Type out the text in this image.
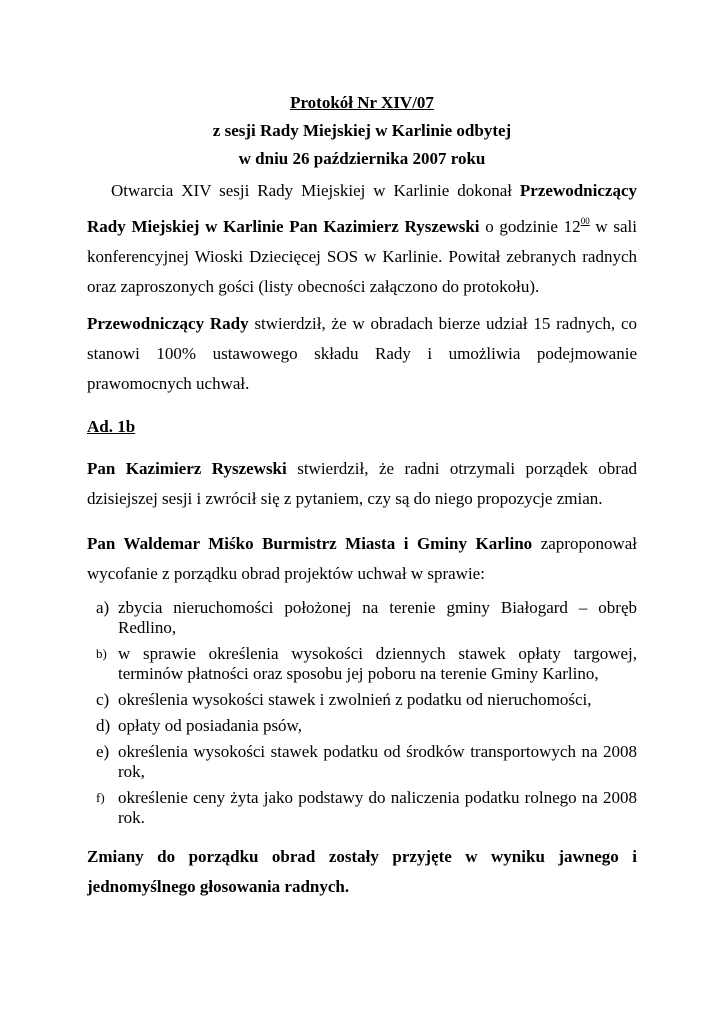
Protokół Nr XIV/07
z sesji Rady Miejskiej w Karlinie odbytej
w dniu 26 października 2007 roku
Otwarcia XIV sesji Rady Miejskiej w Karlinie dokonał Przewodniczący Rady Miejskiej w Karlinie Pan Kazimierz Ryszewski o godzinie $12^{00}$ w sali konferencyjnej Wioski Dziecięcej SOS w Karlinie. Powitał zebranych radnych oraz zaproszonych gości (listy obecności załączono do protokołu).
Przewodniczący Rady stwierdził, że w obradach bierze udział 15 radnych, co stanowi 100% ustawowego składu Rady i umożliwia podejmowanie prawomocnych uchwał.
Ad. 1b
Pan Kazimierz Ryszewski stwierdził, że radni otrzymali porządek obrad dzisiejszej sesji i zwrócił się z pytaniem, czy są do niego propozycje zmian.
Pan Waldemar Miśko Burmistrz Miasta i Gminy Karlino zaproponował wycofanie z porządku obrad projektów uchwał w sprawie:
a) zbycia nieruchomości położonej na terenie gminy Białogard – obręb Redlino,
b) w sprawie określenia wysokości dziennych stawek opłaty targowej, terminów płatności oraz sposobu jej poboru na terenie Gminy Karlino,
c) określenia wysokości stawek i zwolnień z podatku od nieruchomości,
d) opłaty od posiadania psów,
e) określenia wysokości stawek podatku od środków transportowych na 2008 rok,
f) określenie ceny żyta jako podstawy do naliczenia podatku rolnego na 2008 rok.
Zmiany do porządku obrad zostały przyjęte w wyniku jawnego i jednomyślnego głosowania radnych.
